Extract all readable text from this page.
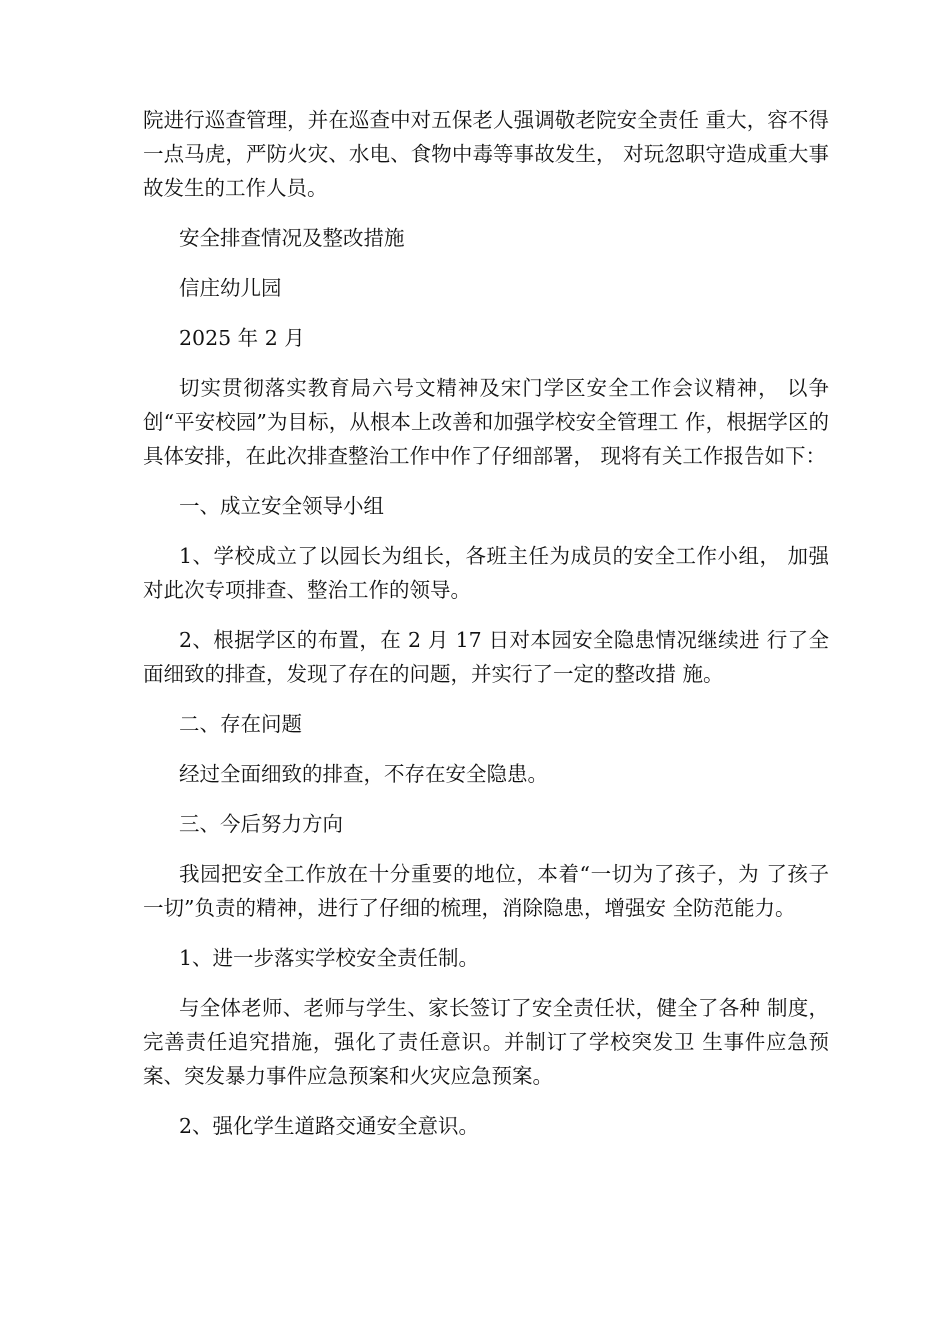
院进行巡查管理，并在巡查中对五保老人强调敬老院安全责任 重大，容不得一点马虎，严防火灾、水电、食物中毒等事故发生， 对玩忽职守造成重大事故发生的工作人员。

安全排查情况及整改措施

信庄幼儿园

2025 年 2 月

切实贯彻落实教育局六号文精神及宋门学区安全工作会议精神， 以争创“平安校园”为目标，从根本上改善和加强学校安全管理工 作，根据学区的具体安排，在此次排查整治工作中作了仔细部署， 现将有关工作报告如下：

一、成立安全领导小组

1、学校成立了以园长为组长，各班主任为成员的安全工作小组， 加强对此次专项排查、整治工作的领导。

2、根据学区的布置，在 2 月 17 日对本园安全隐患情况继续进 行了全面细致的排查，发现了存在的问题，并实行了一定的整改措 施。

二、存在问题

经过全面细致的排查，不存在安全隐患。

三、今后努力方向

我园把安全工作放在十分重要的地位，本着“一切为了孩子，为 了孩子一切”负责的精神，进行了仔细的梳理，消除隐患，增强安 全防范能力。

1、进一步落实学校安全责任制。

与全体老师、老师与学生、家长签订了安全责任状，健全了各种 制度，完善责任追究措施，强化了责任意识。并制订了学校突发卫 生事件应急预案、突发暴力事件应急预案和火灾应急预案。

2、强化学生道路交通安全意识。
